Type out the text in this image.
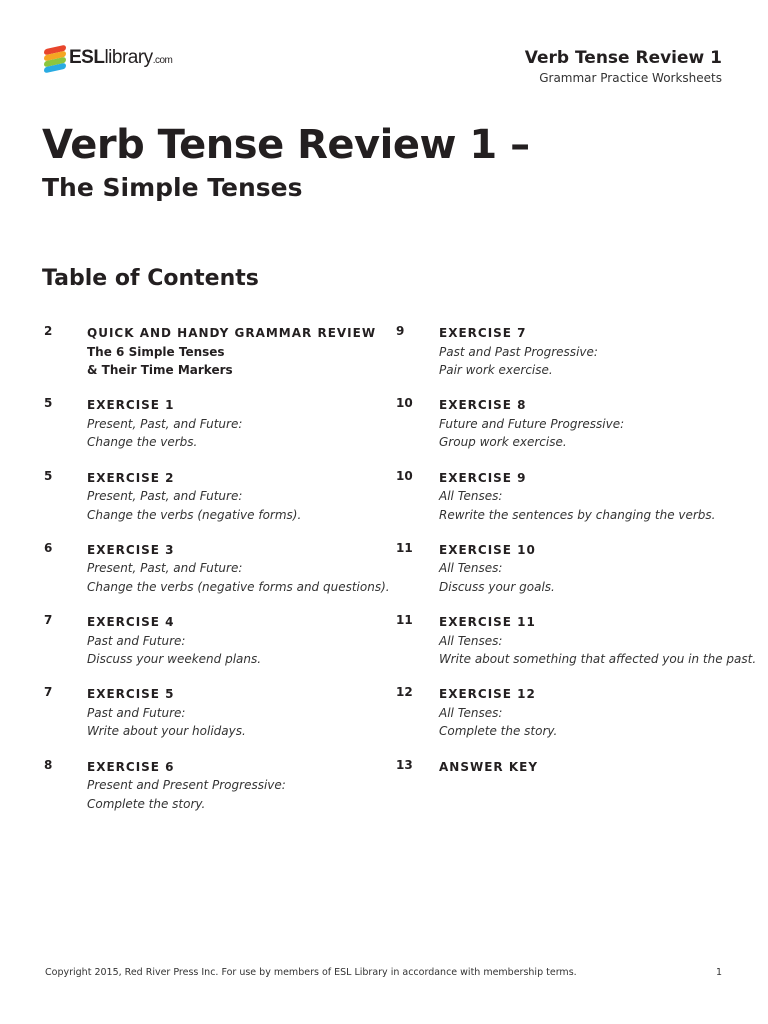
ESLlibrary.com	Verb Tense Review 1
Grammar Practice Worksheets
Verb Tense Review 1 –
The Simple Tenses
Table of Contents
2	QUICK AND HANDY GRAMMAR REVIEW
The 6 Simple Tenses
& Their Time Markers
5	EXERCISE 1
Present, Past, and Future:
Change the verbs.
5	EXERCISE 2
Present, Past, and Future:
Change the verbs (negative forms).
6	EXERCISE 3
Present, Past, and Future:
Change the verbs (negative forms and questions).
7	EXERCISE 4
Past and Future:
Discuss your weekend plans.
7	EXERCISE 5
Past and Future:
Write about your holidays.
8	EXERCISE 6
Present and Present Progressive:
Complete the story.
9	EXERCISE 7
Past and Past Progressive:
Pair work exercise.
10 EXERCISE 8
Future and Future Progressive:
Group work exercise.
10 EXERCISE 9
All Tenses:
Rewrite the sentences by changing the verbs.
11 EXERCISE 10
All Tenses:
Discuss your goals.
11 EXERCISE 11
All Tenses:
Write about something that affected you in the past.
12 EXERCISE 12
All Tenses:
Complete the story.
13 ANSWER KEY
Copyright 2015, Red River Press Inc. For use by members of ESL Library in accordance with membership terms.	1
